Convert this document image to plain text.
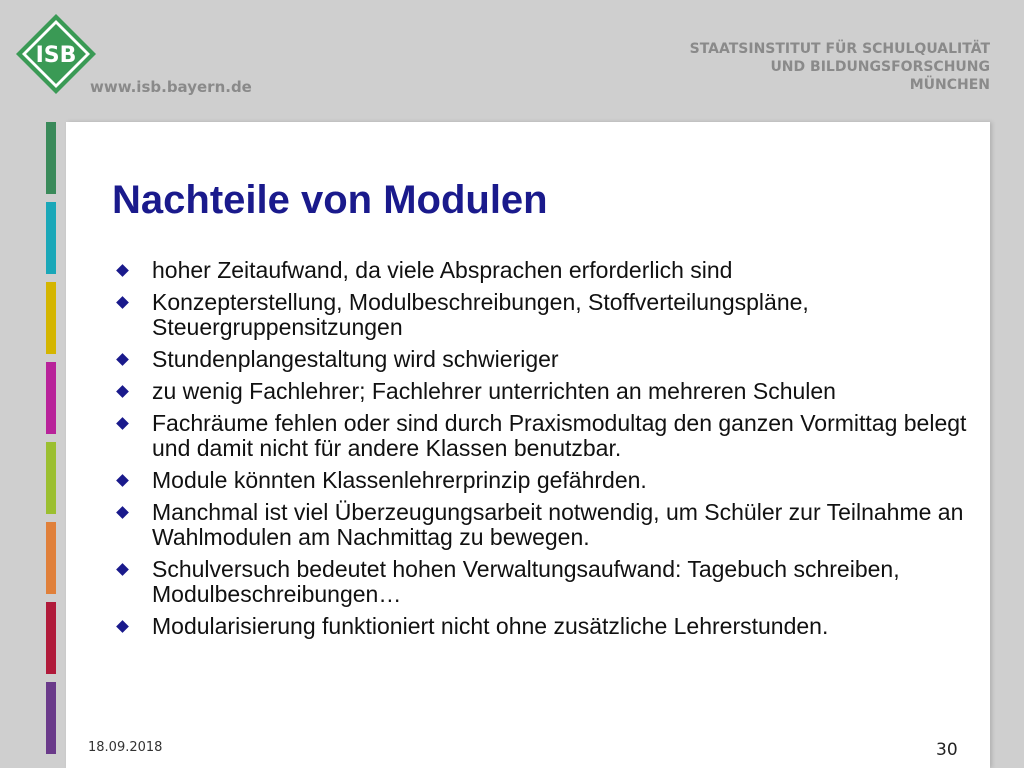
ISB
www.isb.bayern.de
STAATSINSTITUT FÜR SCHULQUALITÄT
UND BILDUNGSFORSCHUNG
MÜNCHEN
Nachteile von Modulen
hoher Zeitaufwand, da viele Absprachen erforderlich sind
Konzepterstellung, Modulbeschreibungen, Stoffverteilungspläne, Steuergruppensitzungen
Stundenplangestaltung wird schwieriger
zu wenig Fachlehrer; Fachlehrer unterrichten an mehreren Schulen
Fachräume fehlen oder sind durch Praxismodultag den ganzen Vormittag belegt und damit nicht für andere Klassen benutzbar.
Module könnten Klassenlehrerprinzip gefährden.
Manchmal ist viel Überzeugungsarbeit notwendig, um Schüler zur Teilnahme an Wahlmodulen am Nachmittag zu bewegen.
Schulversuch bedeutet hohen Verwaltungsaufwand: Tagebuch schreiben, Modulbeschreibungen…
Modularisierung funktioniert nicht ohne zusätzliche Lehrerstunden.
18.09.2018	30
